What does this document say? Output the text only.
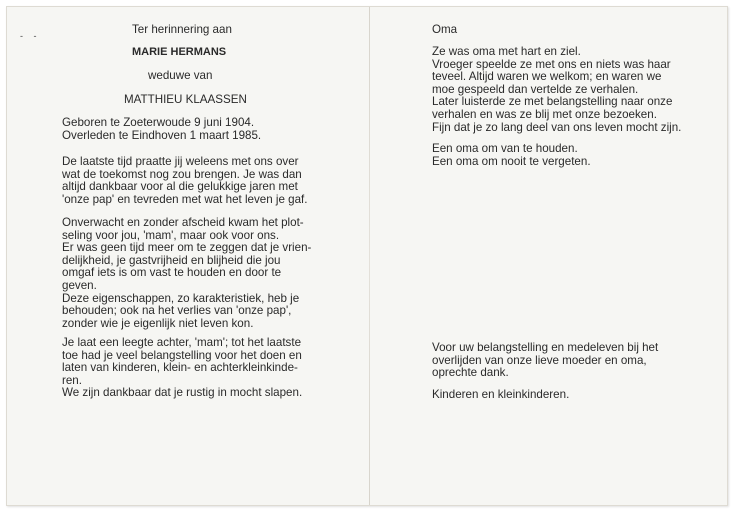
- -	Ter herinnering aan
MARIE HERMANS
weduwe van
MATTHIEU KLAASSEN
Geboren te Zoeterwoude 9 juni 1904.
Overleden te Eindhoven 1 maart 1985.
De laatste tijd praatte jij weleens met ons over
wat de toekomst nog zou brengen. Je was dan
altijd dankbaar voor al die gelukkige jaren met
'onze pap' en tevreden met wat het leven je gaf.
Onverwacht en zonder afscheid kwam het plot-
seling voor jou, 'mam', maar ook voor ons.
Er was geen tijd meer om te zeggen dat je vrien-
delijkheid, je gastvrijheid en blijheid die jou
omgaf iets is om vast te houden en door te
geven.
Deze eigenschappen, zo karakteristiek, heb je
behouden; ook na het verlies van 'onze pap',
zonder wie je eigenlijk niet leven kon.
Je laat een leegte achter, 'mam'; tot het laatste
toe had je veel belangstelling voor het doen en
laten van kinderen, klein- en achterkleinkinde-
ren.
We zijn dankbaar dat je rustig in mocht slapen.
Oma
Ze was oma met hart en ziel.
Vroeger speelde ze met ons en niets was haar
teveel. Altijd waren we welkom; en waren we
moe gespeeld dan vertelde ze verhalen.
Later luisterde ze met belangstelling naar onze
verhalen en was ze blij met onze bezoeken.
Fijn dat je zo lang deel van ons leven mocht zijn.
Een oma om van te houden.
Een oma om nooit te vergeten.
Voor uw belangstelling en medeleven bij het
overlijden van onze lieve moeder en oma,
oprechte dank.
Kinderen en kleinkinderen.
